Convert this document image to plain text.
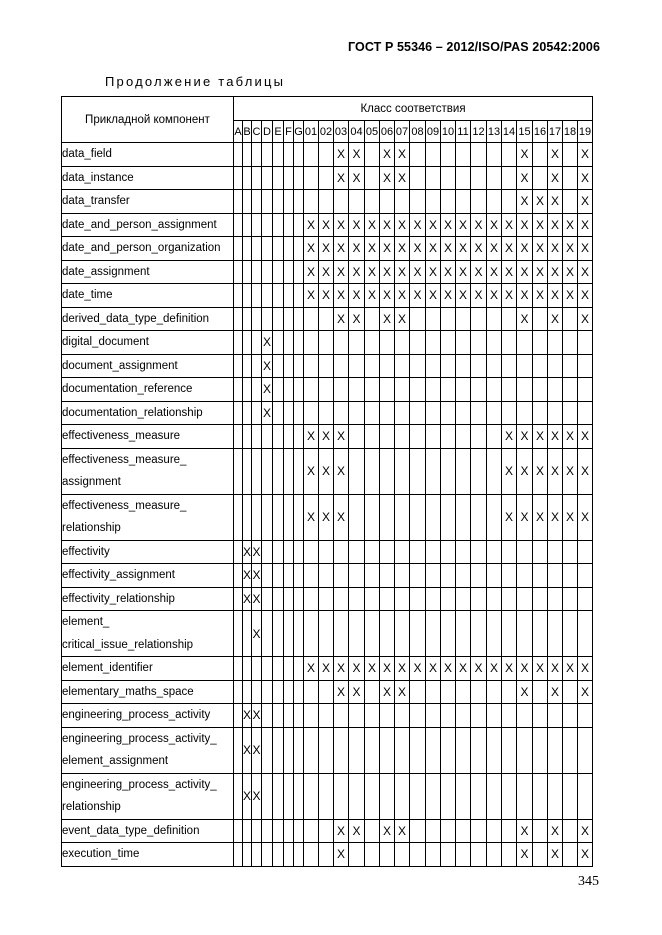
ГОСТ Р 55346 – 2012/ISO/PAS 20542:2006
Продолжение таблицы
Прикладной компонент	Класс соответствия																									
	A	B	C	D	E	F	G	01	02	03	04	05	06	07	08	09	10	11	12	13	14	15	16	17	18	19
data_field										X	X		X	X								X		X		X
data_instance										X	X		X	X								X		X		X
data_transfer																						X	X	X		X
date_and_person_assignment								X	X	X	X	X	X	X	X	X	X	X	X	X	X	X	X	X	X	X
date_and_person_organization								X	X	X	X	X	X	X	X	X	X	X	X	X	X	X	X	X	X	X
date_assignment								X	X	X	X	X	X	X	X	X	X	X	X	X	X	X	X	X	X	X
date_time								X	X	X	X	X	X	X	X	X	X	X	X	X	X	X	X	X	X	X
derived_data_type_definition										X	X		X	X								X		X		X
digital_document				X																						
document_assignment				X																						
documentation_reference				X																						
documentation_relationship				X																						
effectiveness_measure								X	X	X											X	X	X	X	X	X

effectiveness_measure_
assignment								X	X	X											X	X	X	X	X	X

effectiveness_measure_
relationship								X	X	X											X	X	X	X	X	X
effectivity		X	X																							
effectivity_assignment		X	X																							
effectivity_relationship		X	X																							

element_
critical_issue_relationship			X																							
element_identifier								X	X	X	X	X	X	X	X	X	X	X	X	X	X	X	X	X	X	X
elementary_maths_space										X	X		X	X								X		X		X
engineering_process_activity		X	X																							

engineering_process_activity_
element_assignment		X	X																							

engineering_process_activity_
relationship		X	X																							
event_data_type_definition										X	X		X	X								X		X		X
execution_time										X												X		X		X
345
